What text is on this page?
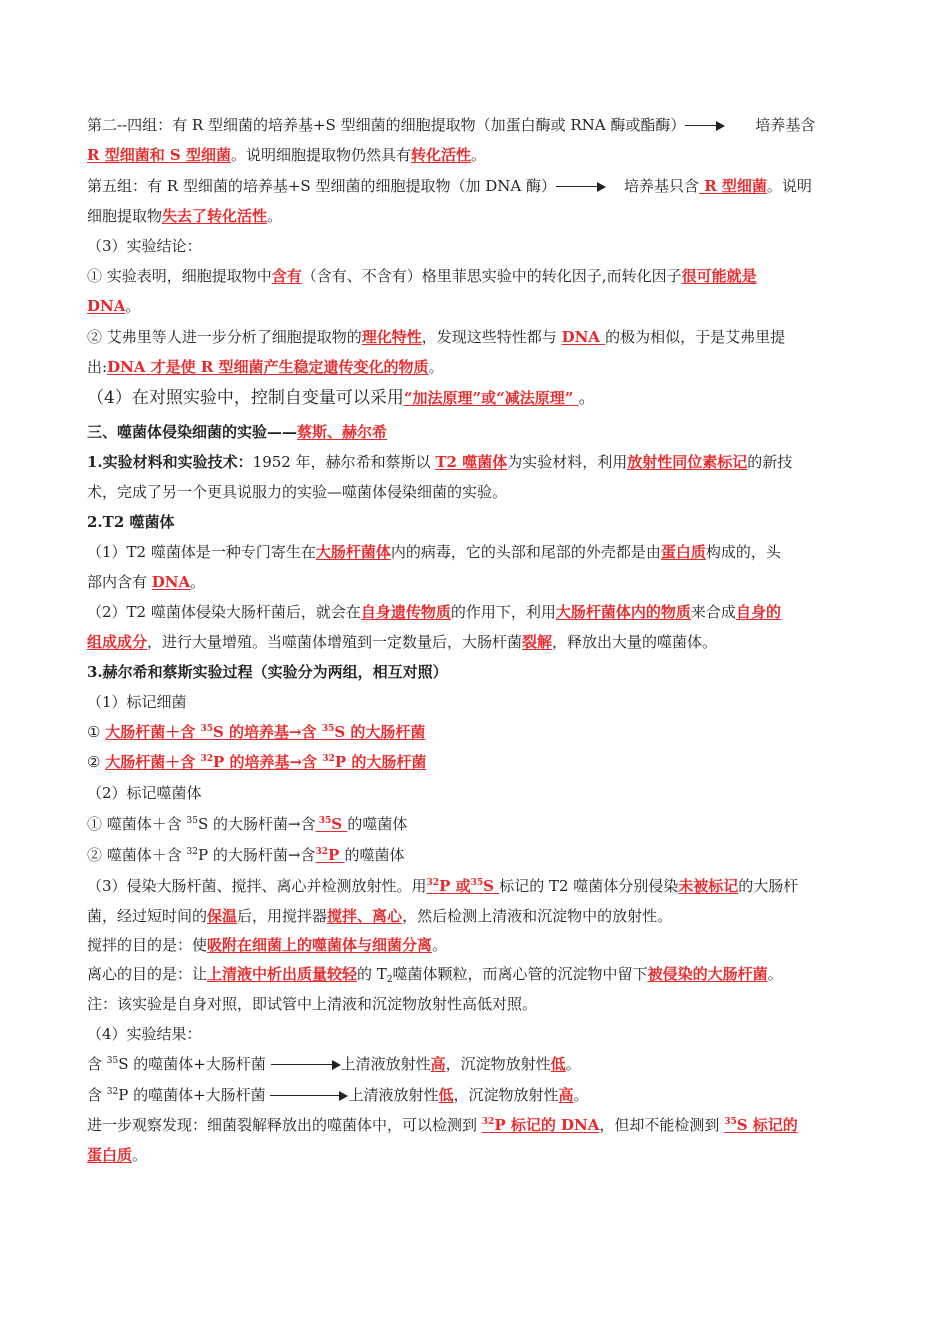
第二--四组：有 R 型细菌的培养基+S 型细菌的细胞提取物（加蛋白酶或 RNA 酶或酯酶）	培养基含
R 型细菌和 S 型细菌。说明细胞提取物仍然具有转化活性。
第五组：有 R 型细菌的培养基+S 型细菌的细胞提取物（加 DNA 酶）	培养基只含 R 型细菌。说明
细胞提取物失去了转化活性。
（3）实验结论：
① 实验表明，细胞提取物中含有（含有、不含有）格里菲思实验中的转化因子,而转化因子很可能就是
DNA。
② 艾弗里等人进一步分析了细胞提取物的理化特性，发现这些特性都与 DNA 的极为相似，于是艾弗里提
出:DNA 才是使 R 型细菌产生稳定遗传变化的物质。
（4）在对照实验中，控制自变量可以采用“加法原理”或“减法原理” 。
三、噬菌体侵染细菌的实验——蔡斯、赫尔希
1.实验材料和实验技术：1952 年，赫尔希和蔡斯以 T2 噬菌体为实验材料，利用放射性同位素标记的新技
术，完成了另一个更具说服力的实验—噬菌体侵染细菌的实验。
2.T2 噬菌体
（1）T2 噬菌体是一种专门寄生在大肠杆菌体内的病毒，它的头部和尾部的外壳都是由蛋白质构成的，头
部内含有 DNA。
（2）T2 噬菌体侵染大肠杆菌后，就会在自身遗传物质的作用下，利用大肠杆菌体内的物质来合成自身的
组成成分，进行大量增殖。当噬菌体增殖到一定数量后，大肠杆菌裂解，释放出大量的噬菌体。
3.赫尔希和蔡斯实验过程（实验分为两组，相互对照）
（1）标记细菌
① 大肠杆菌＋含 $^{35}$S 的培养基→含 $^{35}$S 的大肠杆菌
② 大肠杆菌＋含 $^{32}$P 的培养基→含 $^{32}$P 的大肠杆菌
（2）标记噬菌体
① 噬菌体＋含 $^{35}$S 的大肠杆菌→含 $^{35}$S 的噬菌体
② 噬菌体＋含 $^{32}$P 的大肠杆菌→含$^{32}$P 的噬菌体
（3）侵染大肠杆菌、搅拌、离心并检测放射性。用$^{32}$P 或$^{35}$S 标记的 T2 噬菌体分别侵染未被标记的大肠杆
菌，经过短时间的保温后，用搅拌器搅拌、离心，然后检测上清液和沉淀物中的放射性。
搅拌的目的是：使吸附在细菌上的噬菌体与细菌分离。
离心的目的是：让上清液中析出质量较轻的 $T_2$噬菌体颗粒，而离心管的沉淀物中留下被侵染的大肠杆菌。
注：该实验是自身对照，即试管中上清液和沉淀物放射性高低对照。
（4）实验结果：
含 $^{35}$S 的噬菌体+大肠杆菌	上清液放射性高，沉淀物放射性低。
含 $^{32}$P 的噬菌体+大肠杆菌	上清液放射性低，沉淀物放射性高。
进一步观察发现：细菌裂解释放出的噬菌体中，可以检测到 $^{32}$P 标记的 DNA，但却不能检测到 $^{35}$S 标记的
蛋白质。
